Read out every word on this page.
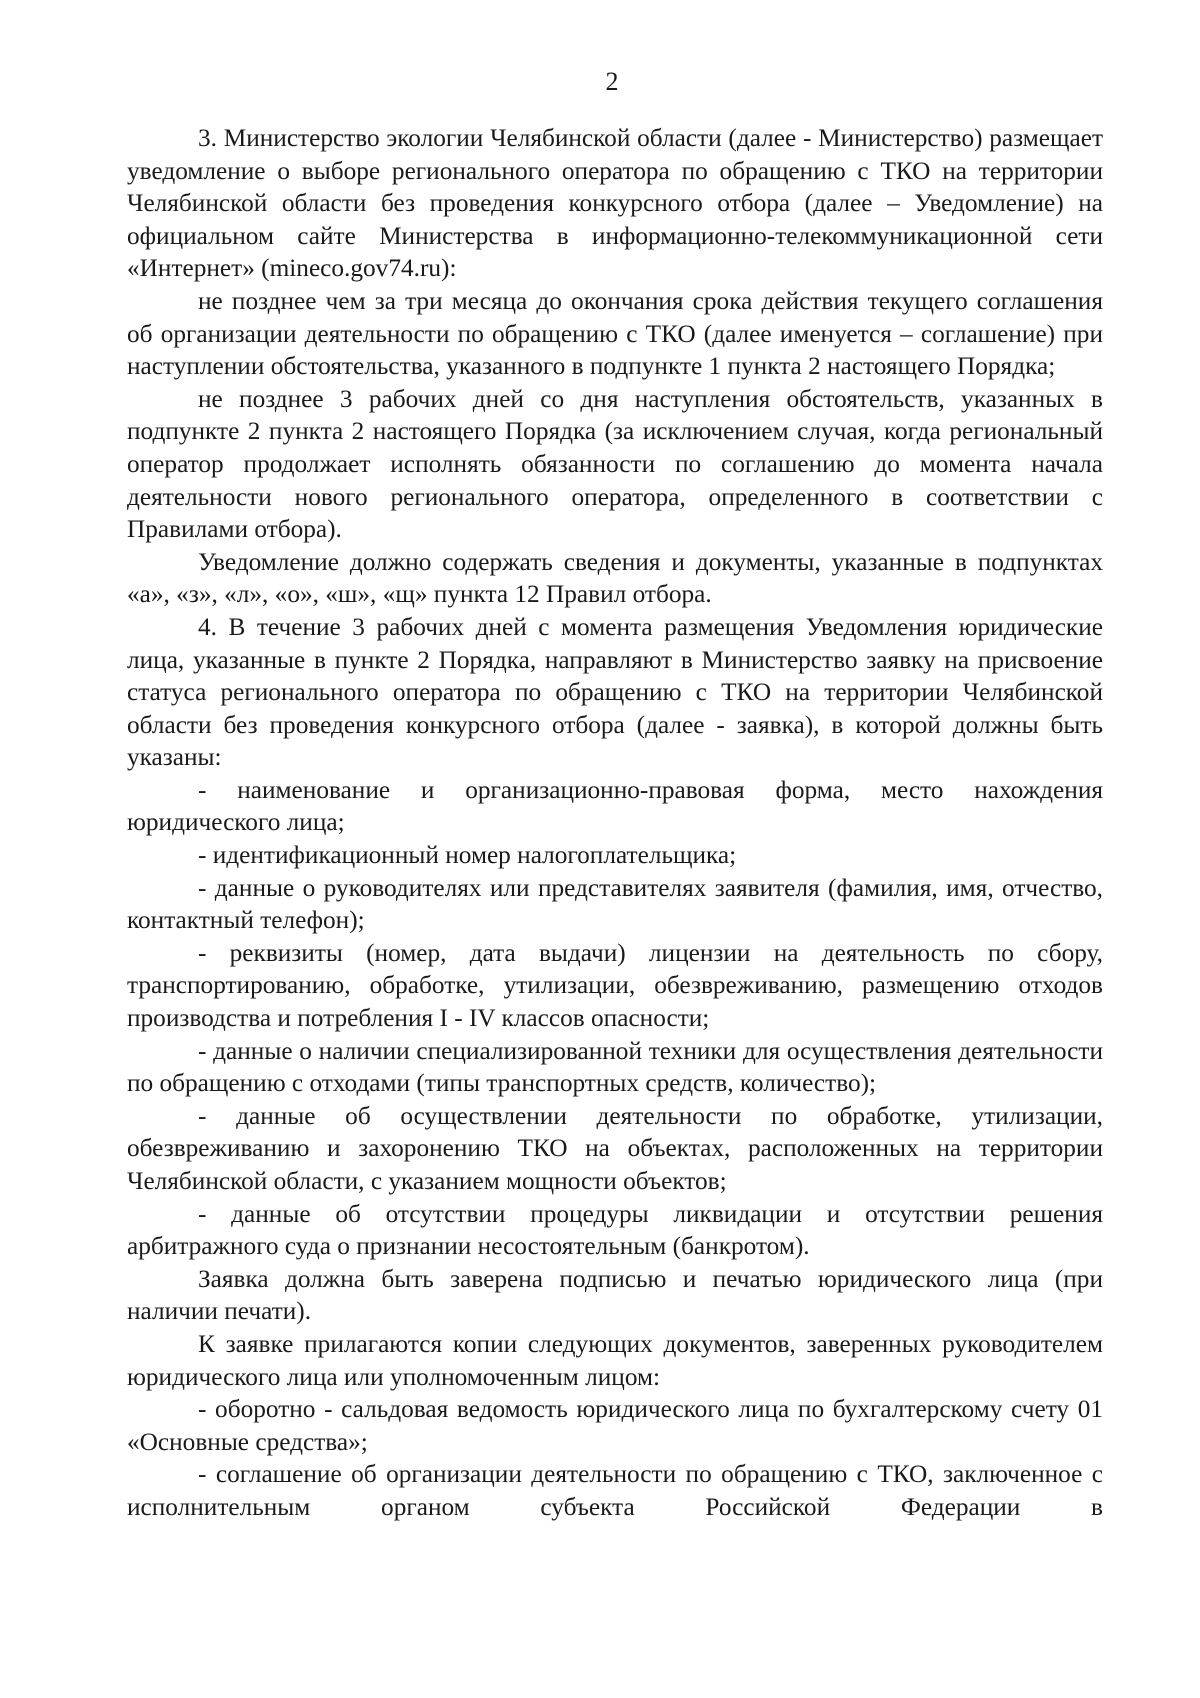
2

3. Министерство экологии Челябинской области (далее - Министерство) размещает уведомление о выборе регионального оператора по обращению с ТКО на территории Челябинской области без проведения конкурсного отбора (далее – Уведомление) на официальном сайте Министерства в информационно-телекоммуникационной сети «Интернет» (mineco.gov74.ru):

не позднее чем за три месяца до окончания срока действия текущего соглашения об организации деятельности по обращению с ТКО (далее именуется – соглашение) при наступлении обстоятельства, указанного в подпункте 1 пункта 2 настоящего Порядка;

не позднее 3 рабочих дней со дня наступления обстоятельств, указанных в подпункте 2 пункта 2 настоящего Порядка (за исключением случая, когда региональный оператор продолжает исполнять обязанности по соглашению до момента начала деятельности нового регионального оператора, определенного в соответствии с Правилами отбора).

Уведомление должно содержать сведения и документы, указанные в подпунктах «а», «з», «л», «о», «ш», «щ» пункта 12 Правил отбора.

4. В течение 3 рабочих дней с момента размещения Уведомления юридические лица, указанные в пункте 2 Порядка, направляют в Министерство заявку на присвоение статуса регионального оператора по обращению с ТКО на территории Челябинской области без проведения конкурсного отбора (далее - заявка), в которой должны быть указаны:

- наименование и организационно-правовая форма, место нахождения юридического лица;

- идентификационный номер налогоплательщика;

- данные о руководителях или представителях заявителя (фамилия, имя, отчество, контактный телефон);

- реквизиты (номер, дата выдачи) лицензии на деятельность по сбору, транспортированию, обработке, утилизации, обезвреживанию, размещению отходов производства и потребления I - IV классов опасности;

- данные о наличии специализированной техники для осуществления деятельности по обращению с отходами (типы транспортных средств, количество);

- данные об осуществлении деятельности по обработке, утилизации, обезвреживанию и захоронению ТКО на объектах, расположенных на территории Челябинской области, с указанием мощности объектов;

- данные об отсутствии процедуры ликвидации и отсутствии решения арбитражного суда о признании несостоятельным (банкротом).

Заявка должна быть заверена подписью и печатью юридического лица (при наличии печати).

К заявке прилагаются копии следующих документов, заверенных руководителем юридического лица или уполномоченным лицом:

- оборотно - сальдовая ведомость юридического лица по бухгалтерскому счету 01 «Основные средства»;

- соглашение об организации деятельности по обращению с ТКО, заключенное с исполнительным органом субъекта Российской Федерации в
